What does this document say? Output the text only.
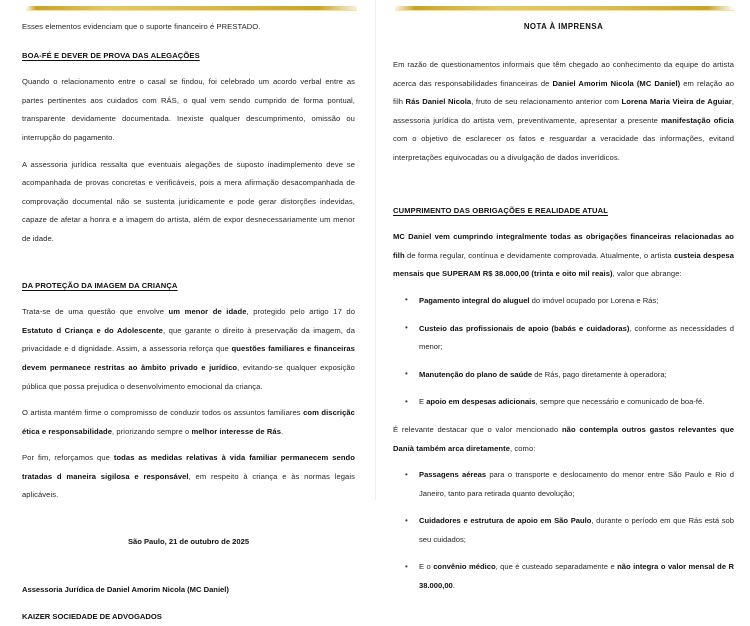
Esses elementos evidenciam que o suporte financeiro é PRESTADO.

BOA-FÉ E DEVER DE PROVA DAS ALEGAÇÕES

Quando o relacionamento entre o casal se findou, foi celebrado um acordo verbal entre as partes pertinentes aos cuidados com RÁS, o qual vem sendo cumprido de forma pontual, transparente devidamente documentada. Inexiste qualquer descumprimento, omissão ou interrupção do pagamento.

A assessoria jurídica ressalta que eventuais alegações de suposto inadimplemento deve se acompanhada de provas concretas e verificáveis, pois a mera afirmação desacompanhada de comprovação documental não se sustenta juridicamente e pode gerar distorções indevidas, capaze de afetar a honra e a imagem do artista, além de expor desnecessariamente um menor de idade.

DA PROTEÇÃO DA IMAGEM DA CRIANÇA

Trata-se de uma questão que envolve um menor de idade, protegido pelo artigo 17 do Estatuto d Criança e do Adolescente, que garante o direito à preservação da imagem, da privacidade e d dignidade. Assim, a assessoria reforça que questões familiares e financeiras devem permanece restritas ao âmbito privado e jurídico, evitando-se qualquer exposição pública que possa prejudica o desenvolvimento emocional da criança.

O artista mantém firme o compromisso de conduzir todos os assuntos familiares com discriçãc ética e responsabilidade, priorizando sempre o melhor interesse de Rás.

Por fim, reforçamos que todas as medidas relativas à vida familiar permanecem sendo tratadas d maneira sigilosa e responsável, em respeito à criança e às normas legais aplicáveis.

São Paulo, 21 de outubro de 2025

Assessoria Jurídica de Daniel Amorim Nicola (MC Daniel)

KAIZER SOCIEDADE DE ADVOGADOS

NOTA À IMPRENSA

Em razão de questionamentos informais que têm chegado ao conhecimento da equipe do artista acerca das responsabilidades financeiras de Daniel Amorim Nicola (MC Daniel) em relação ao filh Rás Daniel Nicola, fruto de seu relacionamento anterior com Lorena Maria Vieira de Aguiar, assessoria jurídica do artista vem, preventivamente, apresentar a presente manifestação oficia com o objetivo de esclarecer os fatos e resguardar a veracidade das informações, evitand interpretações equivocadas ou a divulgação de dados inverídicos.

CUMPRIMENTO DAS OBRIGAÇÕES E REALIDADE ATUAL

MC Daniel vem cumprindo integralmente todas as obrigações financeiras relacionadas ao filh de forma regular, contínua e devidamente comprovada. Atualmente, o artista custeia despesa mensais que SUPERAM R$ 38.000,00 (trinta e oito mil reais), valor que abrange:

• Pagamento integral do aluguel do imóvel ocupado por Lorena e Rás;
• Custeio das profissionais de apoio (babás e cuidadoras), conforme as necessidades d menor;
• Manutenção do plano de saúde de Rás, pago diretamente à operadora;
• E apoio em despesas adicionais, sempre que necessário e comunicado de boa-fé.

É relevante destacar que o valor mencionado não contempla outros gastos relevantes que Danià também arca diretamente, como:

• Passagens aéreas para o transporte e deslocamento do menor entre São Paulo e Rio d Janeiro, tanto para retirada quanto devolução;
• Cuidadores e estrutura de apoio em São Paulo, durante o período em que Rás está sob seu cuidados;
• E o convênio médico, que é custeado separadamente e não integra o valor mensal de R 38.000,00.
